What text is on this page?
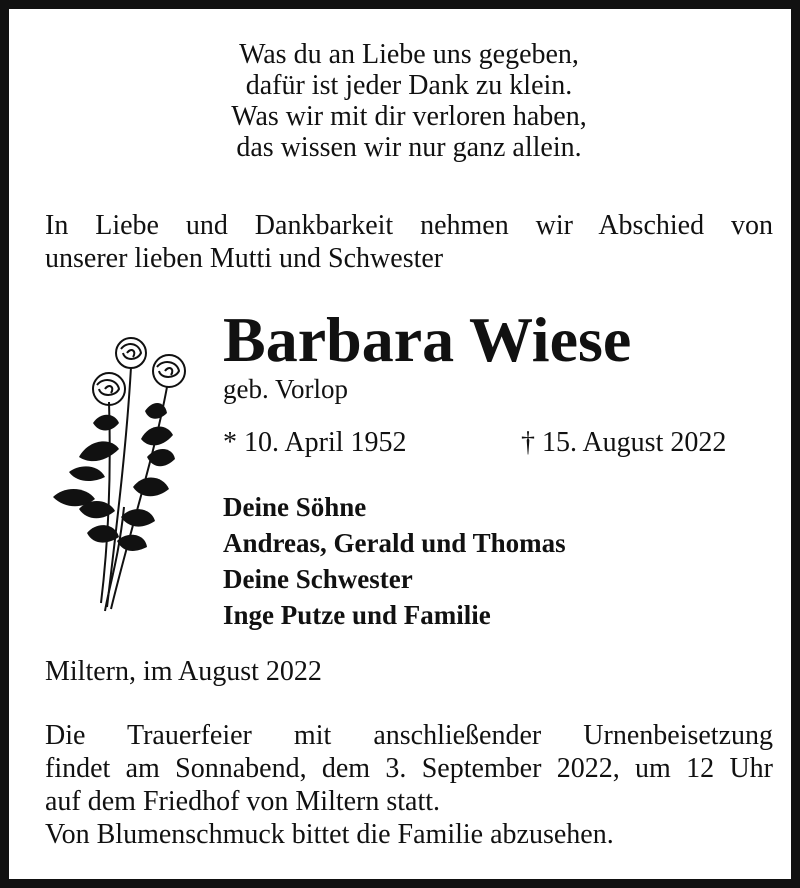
Was du an Liebe uns gegeben,
dafür ist jeder Dank zu klein.
Was wir mit dir verloren haben,
das wissen wir nur ganz allein.
In Liebe und Dankbarkeit nehmen wir Abschied von
unserer lieben Mutti und Schwester
Barbara Wiese
geb. Vorlop
* 10. April 1952	† 15. August 2022
Deine Söhne
Andreas, Gerald und Thomas
Deine Schwester
Inge Putze und Familie
Miltern, im August 2022
Die Trauerfeier mit anschließender Urnenbeisetzung
findet am Sonnabend, dem 3. September 2022, um 12 Uhr
auf dem Friedhof von Miltern statt.
Von Blumenschmuck bittet die Familie abzusehen.
